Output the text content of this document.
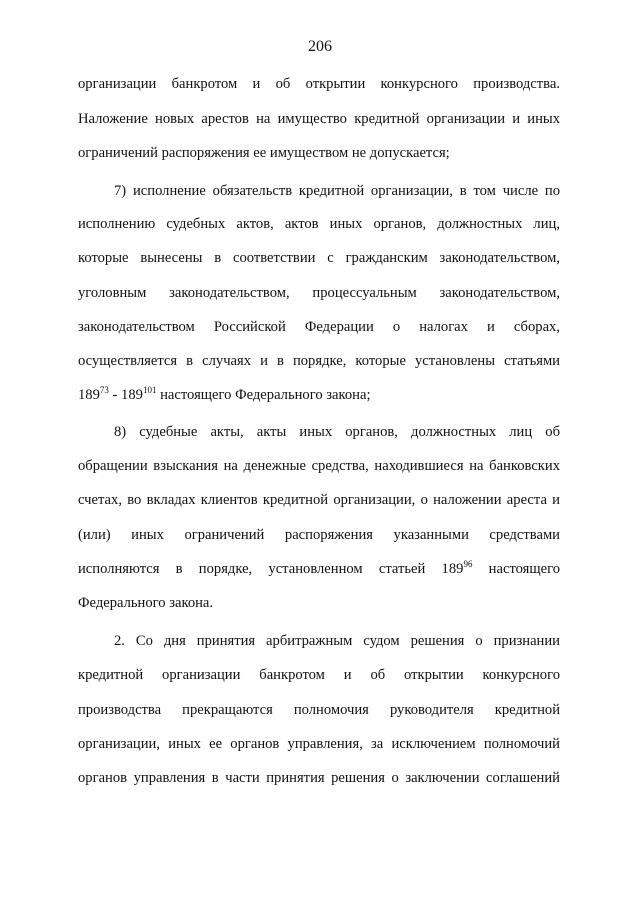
206
организации банкротом и об открытии конкурсного производства.
Наложение новых арестов на имущество кредитной организации и иных
ограничений распоряжения ее имуществом не допускается;
7) исполнение обязательств кредитной организации, в том числе по
исполнению судебных актов, актов иных органов, должностных лиц,
которые вынесены в соответствии с гражданским законодательством,
уголовным законодательством, процессуальным законодательством,
законодательством Российской Федерации о налогах и сборах,
осуществляется в случаях и в порядке, которые установлены статьями
$189^{73} - 189^{101}$ настоящего Федерального закона;
8) судебные акты, акты иных органов, должностных лиц об
обращении взыскания на денежные средства, находившиеся на банковских
счетах, во вкладах клиентов кредитной организации, о наложении ареста и
(или) иных ограничений распоряжения указанными средствами
исполняются в порядке, установленном статьей $189^{96}$ настоящего
Федерального закона.
2. Со дня принятия арбитражным судом решения о признании
кредитной организации банкротом и об открытии конкурсного
производства прекращаются полномочия руководителя кредитной
организации, иных ее органов управления, за исключением полномочий
органов управления в части принятия решения о заключении соглашений
